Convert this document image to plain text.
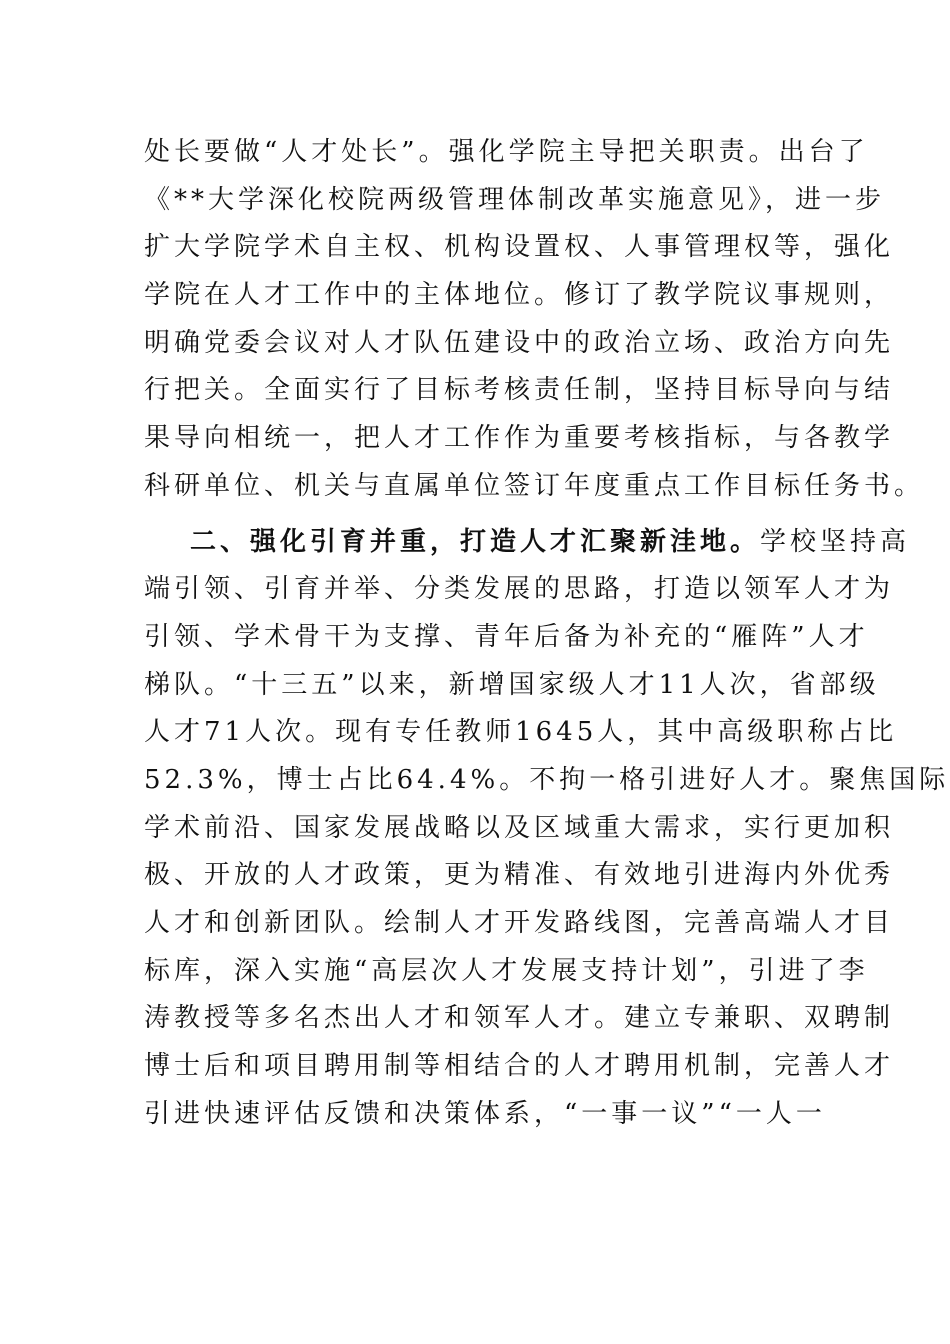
处长要做“人才处长”。强化学院主导把关职责。出台了
《**大学深化校院两级管理体制改革实施意见》，进一步
扩大学院学术自主权、机构设置权、人事管理权等，强化
学院在人才工作中的主体地位。修订了教学院议事规则，
明确党委会议对人才队伍建设中的政治立场、政治方向先
行把关。全面实行了目标考核责任制，坚持目标导向与结
果导向相统一，把人才工作作为重要考核指标，与各教学
科研单位、机关与直属单位签订年度重点工作目标任务书。
二、强化引育并重，打造人才汇聚新洼地。学校坚持高
端引领、引育并举、分类发展的思路，打造以领军人才为
引领、学术骨干为支撑、青年后备为补充的“雁阵”人才
梯队。“十三五”以来，新增国家级人才11人次，省部级
人才71人次。现有专任教师1645人，其中高级职称占比
52.3%，博士占比64.4%。不拘一格引进好人才。聚焦国际
学术前沿、国家发展战略以及区域重大需求，实行更加积
极、开放的人才政策，更为精准、有效地引进海内外优秀
人才和创新团队。绘制人才开发路线图，完善高端人才目
标库，深入实施“高层次人才发展支持计划”，引进了李
涛教授等多名杰出人才和领军人才。建立专兼职、双聘制
博士后和项目聘用制等相结合的人才聘用机制，完善人才
引进快速评估反馈和决策体系，“一事一议”“一人一
